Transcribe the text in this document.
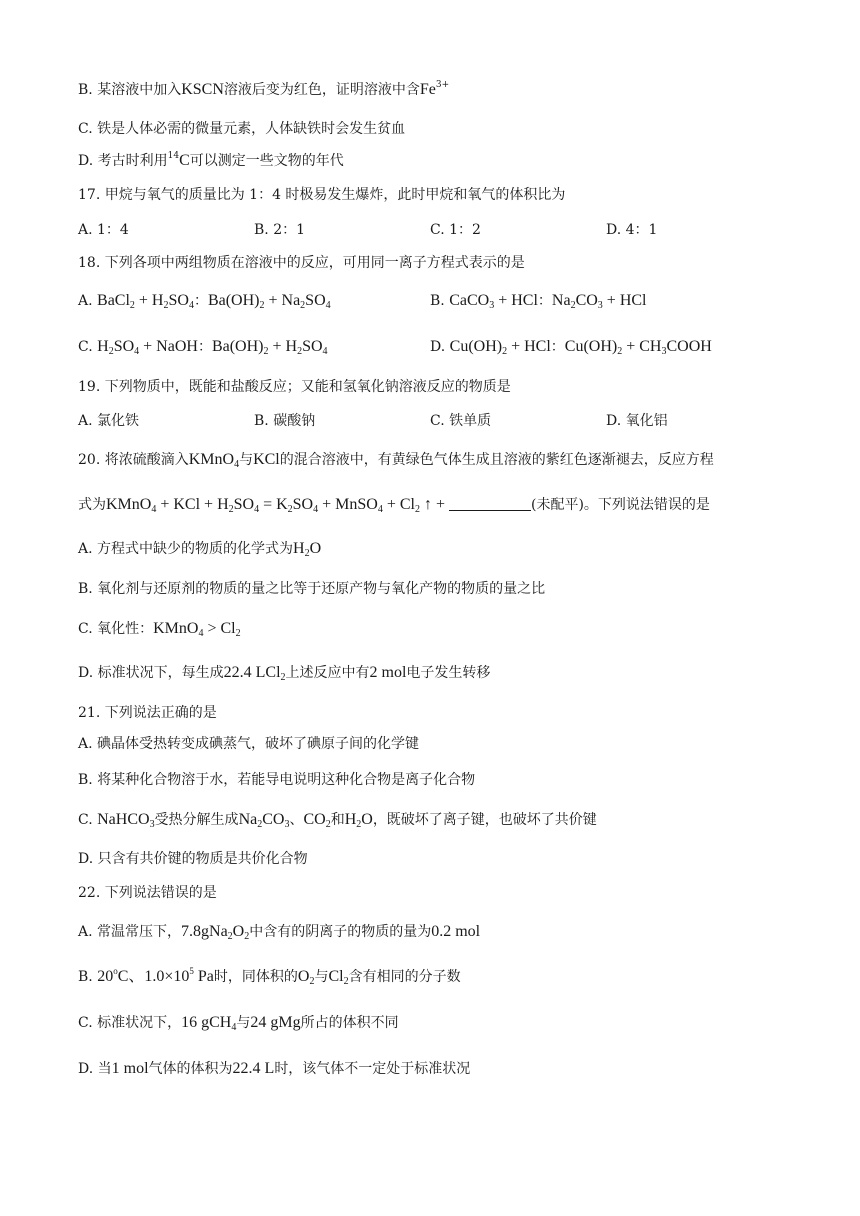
B. 某溶液中加入KSCN溶液后变为红色，证明溶液中含$Fe^{3+}$
C. 铁是人体必需的微量元素，人体缺铁时会发生贫血
D. 考古时利用$^{14}$C可以测定一些文物的年代
17. 甲烷与氧气的质量比为 1：4 时极易发生爆炸，此时甲烷和氧气的体积比为
A. 1：4	B. 2：1	C. 1：2	D. 4：1
18. 下列各项中两组物质在溶液中的反应，可用同一离子方程式表示的是
A. BaCl$_2$ + $H_2SO_4$：$Ba(OH)_2 + Na_2SO_4$	B. CaCO$_3$ + HCl：$Na_2CO_3$ + HCl
C. $H_2SO_4$ + NaOH：$Ba(OH)_2 + H_2SO_4$	D. $Cu(OH)_2$ + HCl：$Cu(OH)_2$ + $CH_3COOH$
19. 下列物质中，既能和盐酸反应；又能和氢氧化钠溶液反应的物质是
A. 氯化铁	B. 碳酸钠	C. 铁单质	D. 氧化铝
20. 将浓硫酸滴入KMnO$_4$与KCl的混合溶液中，有黄绿色气体生成且溶液的紫红色逐渐褪去，反应方程
式为KMnO$_4$ + KCl + $H_2SO_4 = K_2SO_4$ + MnSO$_4$ + $Cl_2$ ↑ +	(未配平)。下列说法错误的是
A. 方程式中缺少的物质的化学式为$H_2O$
B. 氧化剂与还原剂的物质的量之比等于还原产物与氧化产物的物质的量之比
C. 氧化性：KMnO$_4$ > $Cl_2$
D. 标准状况下，每生成22.4 LCl$_2$上述反应中有2 mol电子发生转移
21. 下列说法正确的是
A. 碘晶体受热转变成碘蒸气，破坏了碘原子间的化学键
B. 将某种化合物溶于水，若能导电说明这种化合物是离子化合物
C. NaHCO$_3$受热分解生成$Na_2CO_3$、$CO_2$和$H_2O$，既破坏了离子键，也破坏了共价键
D. 只含有共价键的物质是共价化合物
22. 下列说法错误的是
A. 常温常压下，$7.8gNa_2O_2$中含有的阴离子的物质的量为0.2 mol
B. 20$^o$C、$1.0\times 10^5$ Pa时，同体积的$O_2$与$Cl_2$含有相同的分子数
C. 标准状况下，16 gCH$_4$与24 gMg所占的体积不同
D. 当1 mol气体的体积为22.4 L时，该气体不一定处于标准状况
